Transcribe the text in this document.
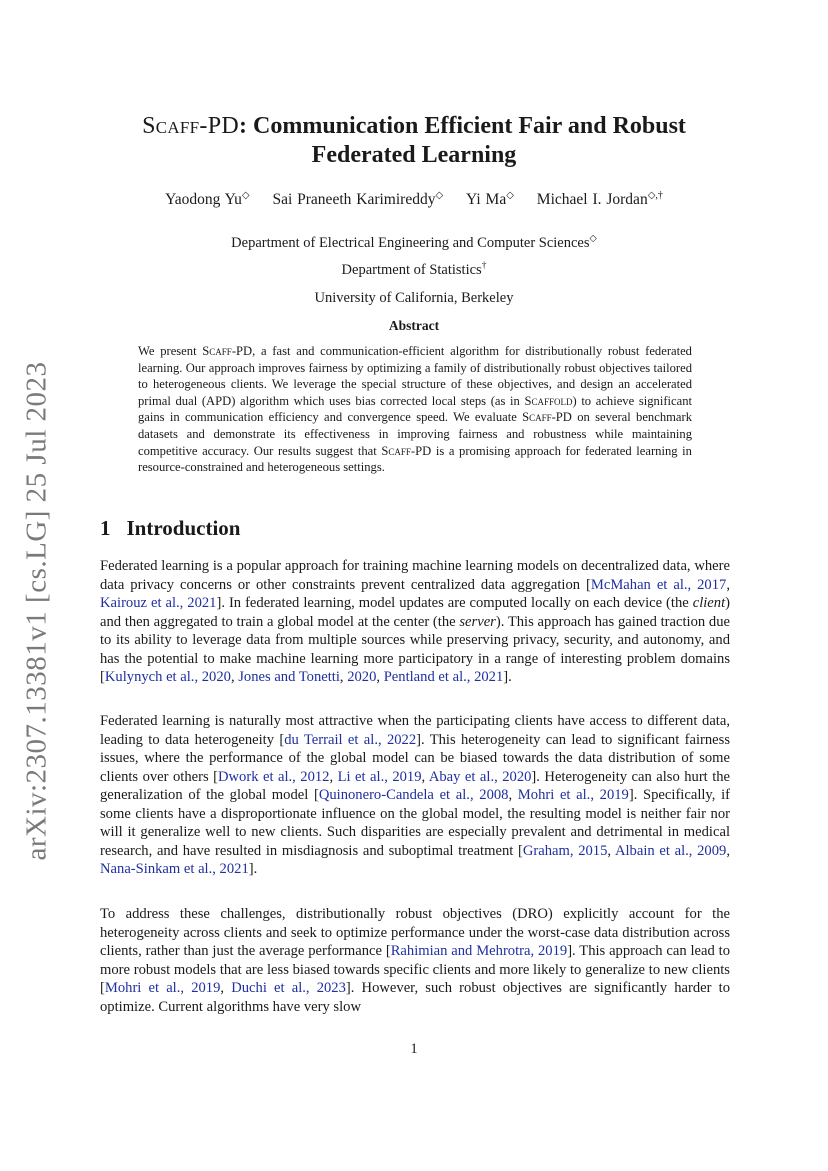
arXiv:2307.13381v1 [cs.LG] 25 Jul 2023
Scaff-PD: Communication Efficient Fair and Robust
Federated Learning
Yaodong Yu◇ Sai Praneeth Karimireddy◇ Yi Ma◇ Michael I. Jordan◇,†
Department of Electrical Engineering and Computer Sciences◇
Department of Statistics†
University of California, Berkeley
Abstract
We present Scaff-PD, a fast and communication-efficient algorithm for distributionally robust federated learning. Our approach improves fairness by optimizing a family of distributionally robust objectives tailored to heterogeneous clients. We leverage the special structure of these objectives, and design an accelerated primal dual (APD) algorithm which uses bias corrected local steps (as in Scaffold) to achieve significant gains in communication efficiency and convergence speed. We evaluate Scaff-PD on several benchmark datasets and demonstrate its effectiveness in improving fairness and robustness while maintaining competitive accuracy. Our results suggest that Scaff-PD is a promising approach for federated learning in resource-constrained and heterogeneous settings.
1 Introduction
Federated learning is a popular approach for training machine learning models on decentralized data, where data privacy concerns or other constraints prevent centralized data aggregation [McMahan et al., 2017, Kairouz et al., 2021]. In federated learning, model updates are computed locally on each device (the client) and then aggregated to train a global model at the center (the server). This approach has gained traction due to its ability to leverage data from multiple sources while preserving privacy, security, and autonomy, and has the potential to make machine learning more participatory in a range of interesting problem domains [Kulynych et al., 2020, Jones and Tonetti, 2020, Pentland et al., 2021].
Federated learning is naturally most attractive when the participating clients have access to different data, leading to data heterogeneity [du Terrail et al., 2022]. This heterogeneity can lead to significant fairness issues, where the performance of the global model can be biased towards the data distribution of some clients over others [Dwork et al., 2012, Li et al., 2019, Abay et al., 2020]. Heterogeneity can also hurt the generalization of the global model [Quinonero-Candela et al., 2008, Mohri et al., 2019]. Specifically, if some clients have a disproportionate influence on the global model, the resulting model is neither fair nor will it generalize well to new clients. Such disparities are especially prevalent and detrimental in medical research, and have resulted in misdiagnosis and suboptimal treatment [Graham, 2015, Albain et al., 2009, Nana-Sinkam et al., 2021].
To address these challenges, distributionally robust objectives (DRO) explicitly account for the heterogeneity across clients and seek to optimize performance under the worst-case data distribution across clients, rather than just the average performance [Rahimian and Mehrotra, 2019]. This approach can lead to more robust models that are less biased towards specific clients and more likely to generalize to new clients [Mohri et al., 2019, Duchi et al., 2023]. However, such robust objectives are significantly harder to optimize. Current algorithms have very slow
1
